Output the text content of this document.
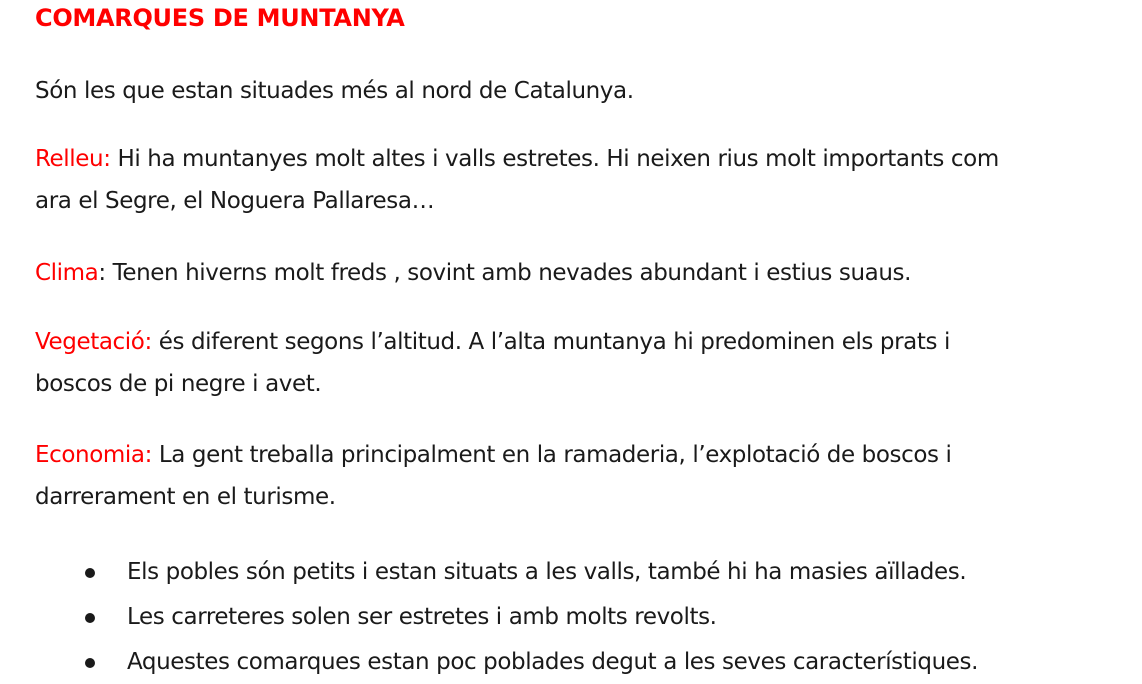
COMARQUES DE MUNTANYA

Són les que estan situades més al nord de Catalunya.

Relleu: Hi ha muntanyes molt altes i valls estretes. Hi neixen rius molt importants com
ara el Segre, el Noguera Pallaresa…

Clima: Tenen hiverns molt freds , sovint amb nevades abundant i estius suaus.

Vegetació: és diferent segons l’altitud. A l’alta muntanya hi predominen els prats i
boscos de pi negre i avet.

Economia: La gent treballa principalment en la ramaderia, l’explotació de boscos i
darrerament en el turisme.

Els pobles són petits i estan situats a les valls, també hi ha masies aïllades.
Les carreteres solen ser estretes i amb molts revolts.
Aquestes comarques estan poc poblades degut a les seves característiques.
